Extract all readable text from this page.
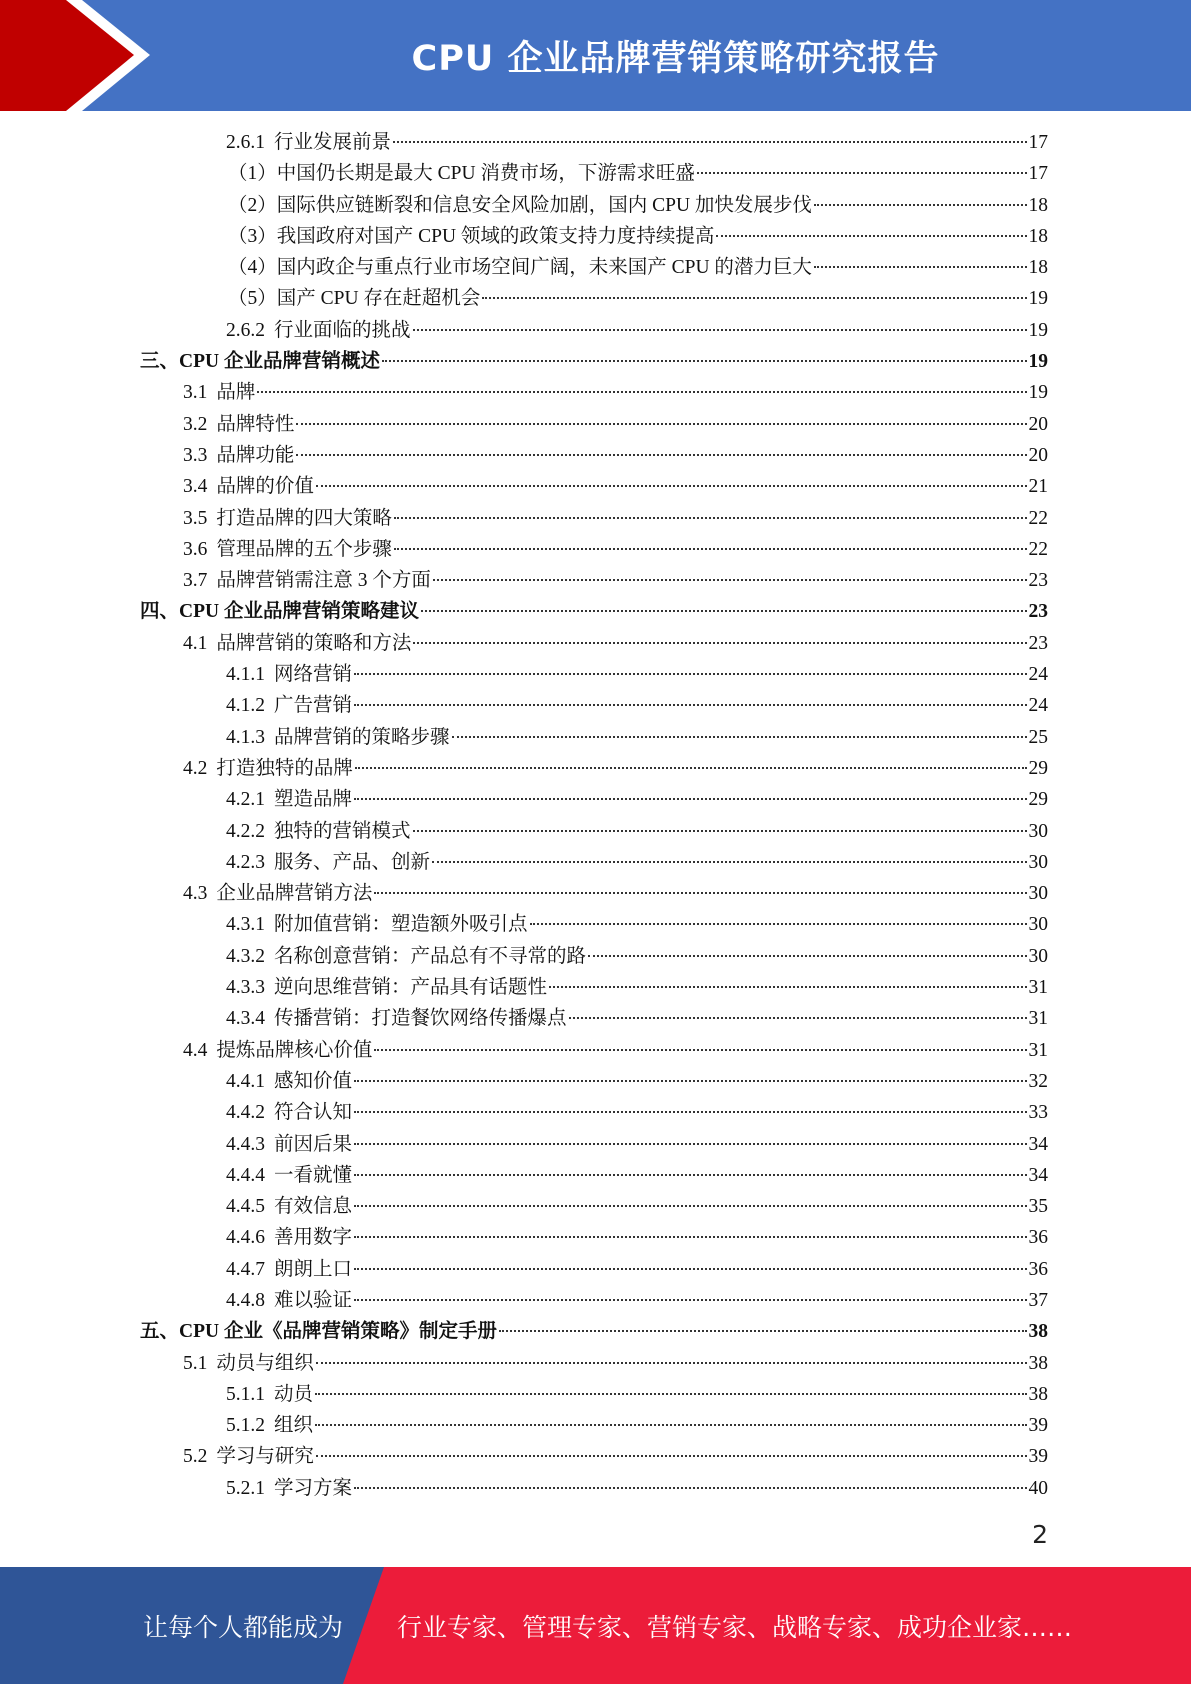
CPU 企业品牌营销策略研究报告
2.6.1 行业发展前景	17
（1）中国仍长期是最大 CPU 消费市场，下游需求旺盛	17
（2）国际供应链断裂和信息安全风险加剧，国内 CPU 加快发展步伐	18
（3）我国政府对国产 CPU 领域的政策支持力度持续提高	18
（4）国内政企与重点行业市场空间广阔，未来国产 CPU 的潜力巨大	18
（5）国产 CPU 存在赶超机会	19
2.6.2 行业面临的挑战	19
三、CPU 企业品牌营销概述	19
3.1 品牌	19
3.2 品牌特性	20
3.3 品牌功能	20
3.4 品牌的价值	21
3.5 打造品牌的四大策略	22
3.6 管理品牌的五个步骤	22
3.7 品牌营销需注意 3 个方面	23
四、CPU 企业品牌营销策略建议	23
4.1 品牌营销的策略和方法	23
4.1.1 网络营销	24
4.1.2 广告营销	24
4.1.3 品牌营销的策略步骤	25
4.2 打造独特的品牌	29
4.2.1 塑造品牌	29
4.2.2 独特的营销模式	30
4.2.3 服务、产品、创新	30
4.3 企业品牌营销方法	30
4.3.1 附加值营销：塑造额外吸引点	30
4.3.2 名称创意营销：产品总有不寻常的路	30
4.3.3 逆向思维营销：产品具有话题性	31
4.3.4 传播营销：打造餐饮网络传播爆点	31
4.4 提炼品牌核心价值	31
4.4.1 感知价值	32
4.4.2 符合认知	33
4.4.3 前因后果	34
4.4.4 一看就懂	34
4.4.5 有效信息	35
4.4.6 善用数字	36
4.4.7 朗朗上口	36
4.4.8 难以验证	37
五、CPU 企业《品牌营销策略》制定手册	38
5.1 动员与组织	38
5.1.1 动员	38
5.1.2 组织	39
5.2 学习与研究	39
5.2.1 学习方案	40
2
让每个人都能成为 行业专家、管理专家、营销专家、战略专家、成功企业家……
